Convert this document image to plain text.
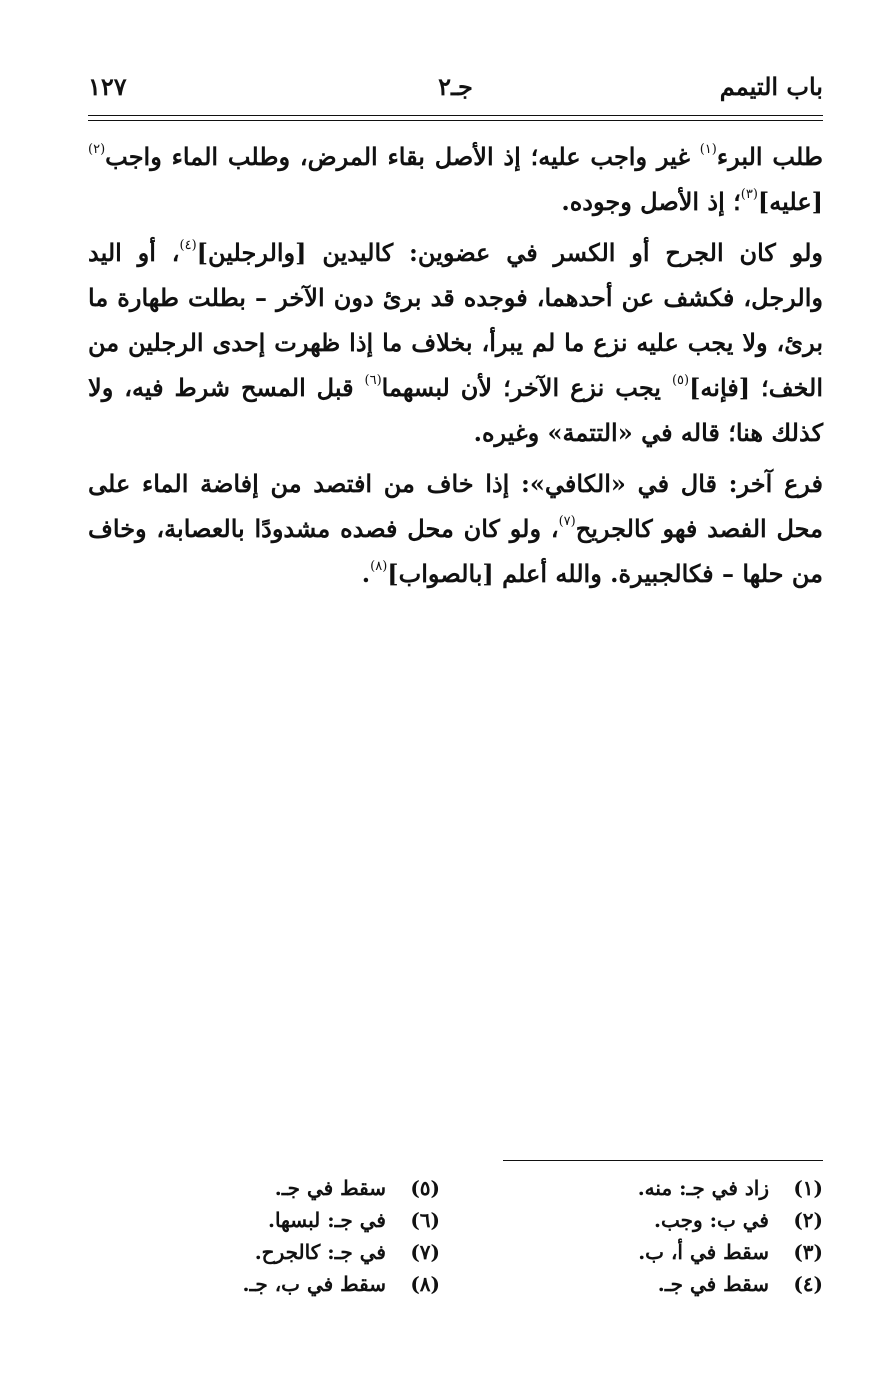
باب التيمم
جـ٢
١٢٧

طلب البرء$^{(١)}$ غير واجب عليه؛ إذ الأصل بقاء المرض، وطلب الماء واجب$^{(٢)}$ [عليه]$^{(٣)}$؛ إذ الأصل وجوده.

ولو كان الجرح أو الكسر في عضوين: كاليدين [والرجلين]$^{(٤)}$، أو اليد والرجل، فكشف عن أحدهما، فوجده قد برئ دون الآخر – بطلت طهارة ما برئ، ولا يجب عليه نزع ما لم يبرأ، بخلاف ما إذا ظهرت إحدى الرجلين من الخف؛ [فإنه]$^{(٥)}$ يجب نزع الآخر؛ لأن لبسهما$^{(٦)}$ قبل المسح شرط فيه، ولا كذلك هنا؛ قاله في «التتمة» وغيره.

فرع آخر: قال في «الكافي»: إذا خاف من افتصد من إفاضة الماء على محل الفصد فهو كالجريح$^{(٧)}$، ولو كان محل فصده مشدودًا بالعصابة، وخاف من حلها – فكالجبيرة. والله أعلم [بالصواب]$^{(٨)}$.

(١)زاد في جـ: منه.
(٢)في ب: وجب.
(٣)سقط في أ، ب.
(٤)سقط في جـ.
(٥)سقط في جـ.
(٦)في جـ: لبسها.
(٧)في جـ: كالجرح.
(٨)سقط في ب، جـ.
